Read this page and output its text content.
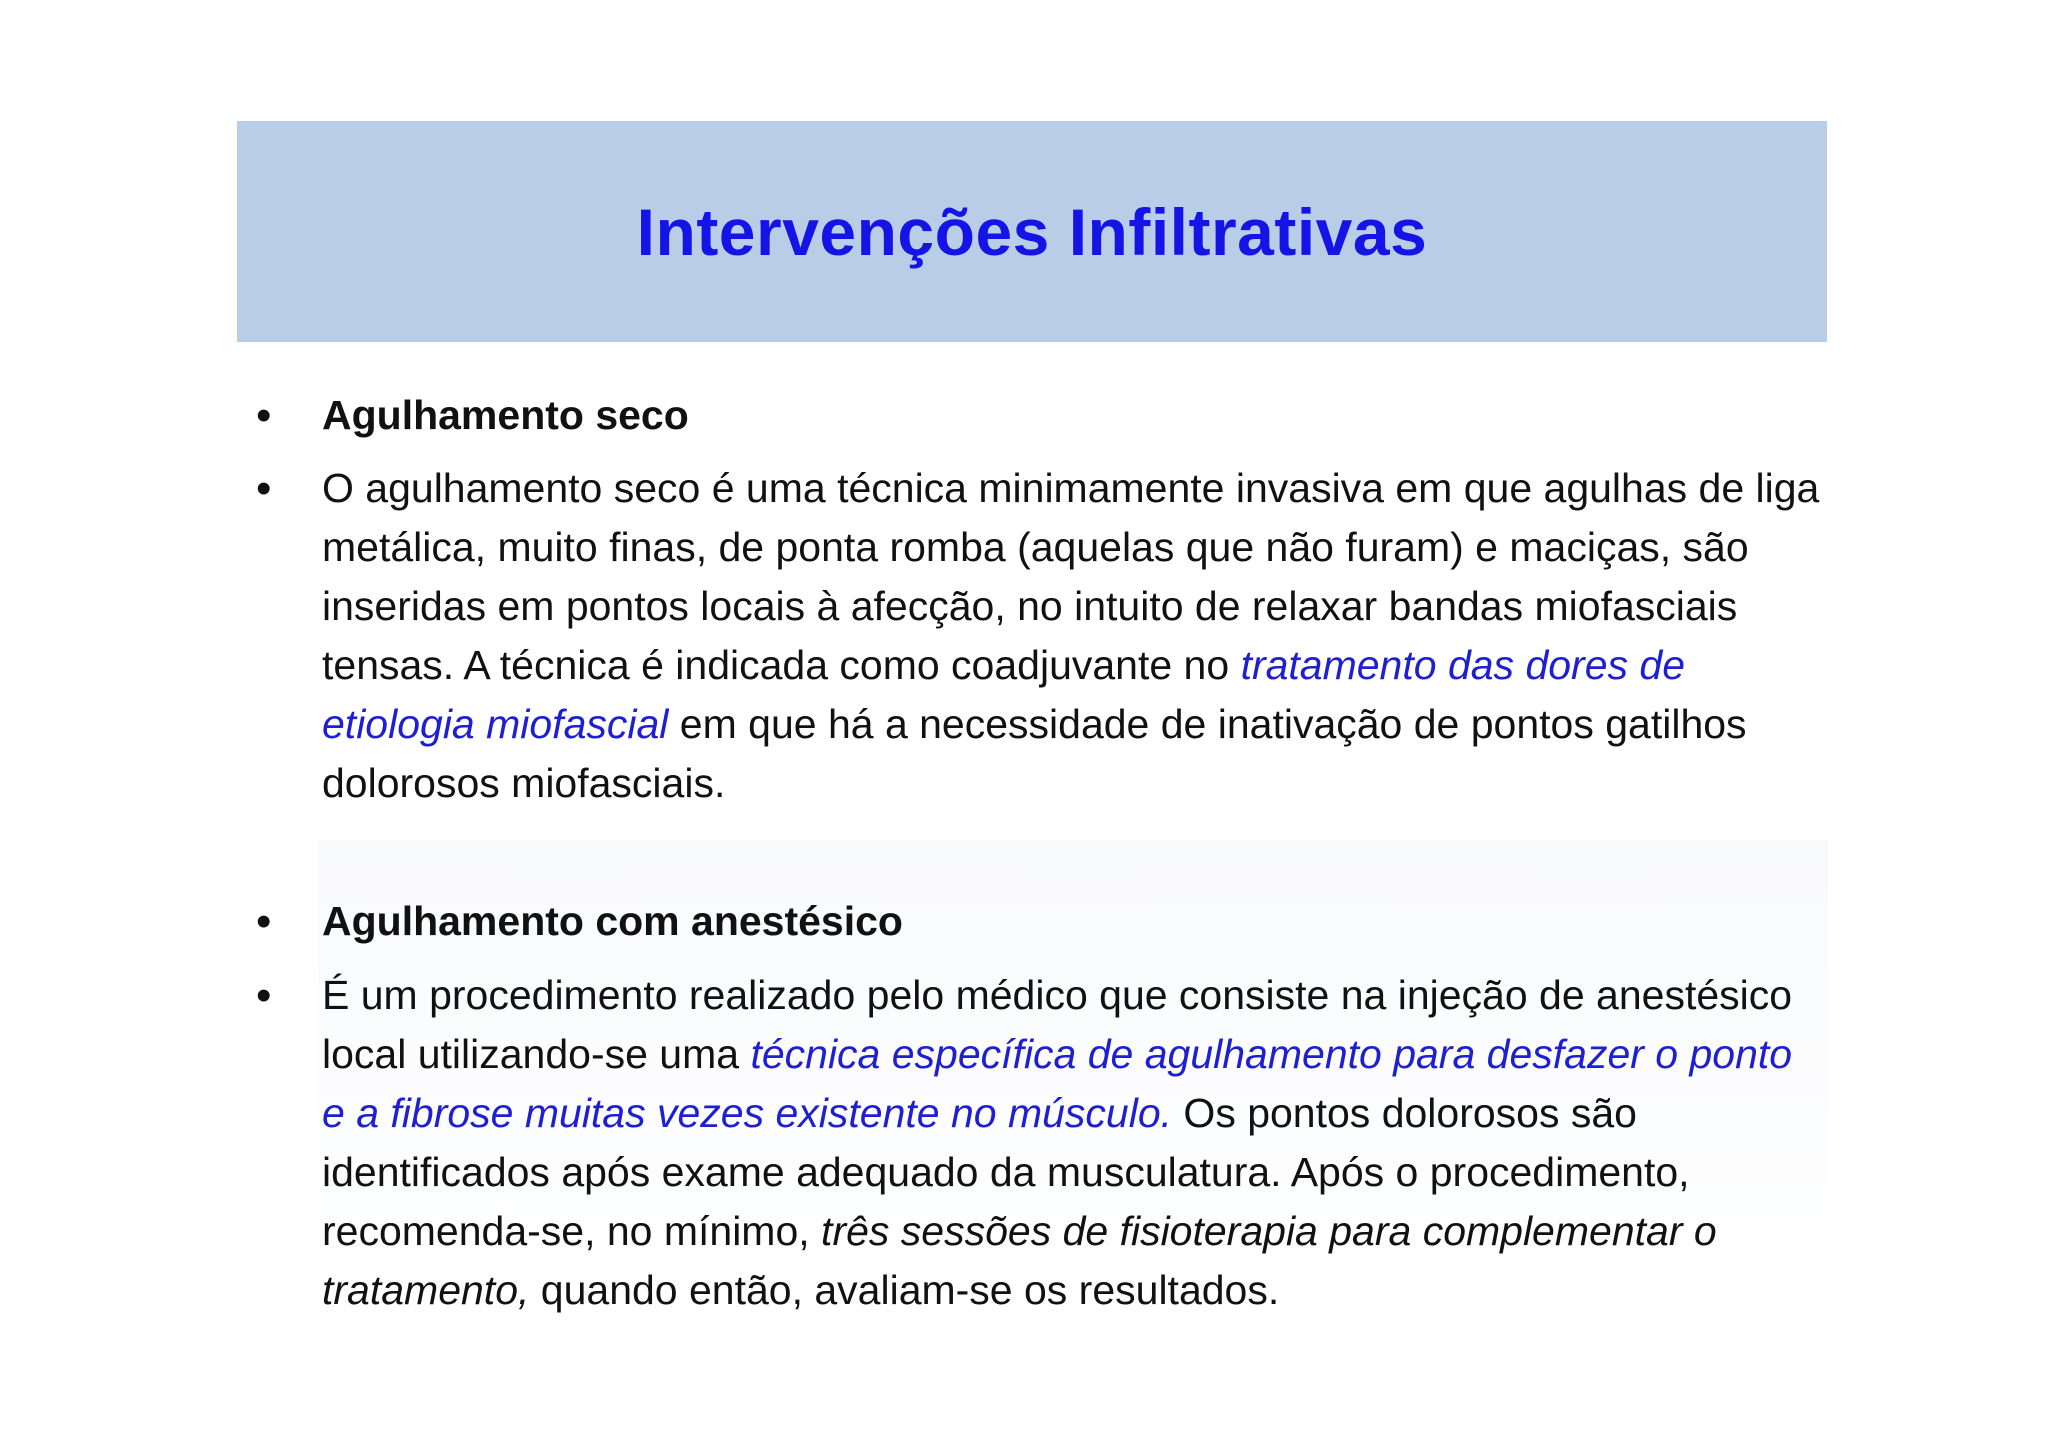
Intervenções Infiltrativas
• Agulhamento seco
• O agulhamento seco é uma técnica minimamente invasiva em que agulhas de liga metálica, muito finas, de ponta romba (aquelas que não furam) e maciças, são inseridas em pontos locais à afecção, no intuito de relaxar bandas miofasciais tensas. A técnica é indicada como coadjuvante no tratamento das dores de etiologia miofascial em que há a necessidade de inativação de pontos gatilhos dolorosos miofasciais.
• Agulhamento com anestésico
• É um procedimento realizado pelo médico que consiste na injeção de anestésico local utilizando-se uma técnica específica de agulhamento para desfazer o ponto e a fibrose muitas vezes existente no músculo. Os pontos dolorosos são identificados após exame adequado da musculatura. Após o procedimento, recomenda-se, no mínimo, três sessões de fisioterapia para complementar o tratamento, quando então, avaliam-se os resultados.
